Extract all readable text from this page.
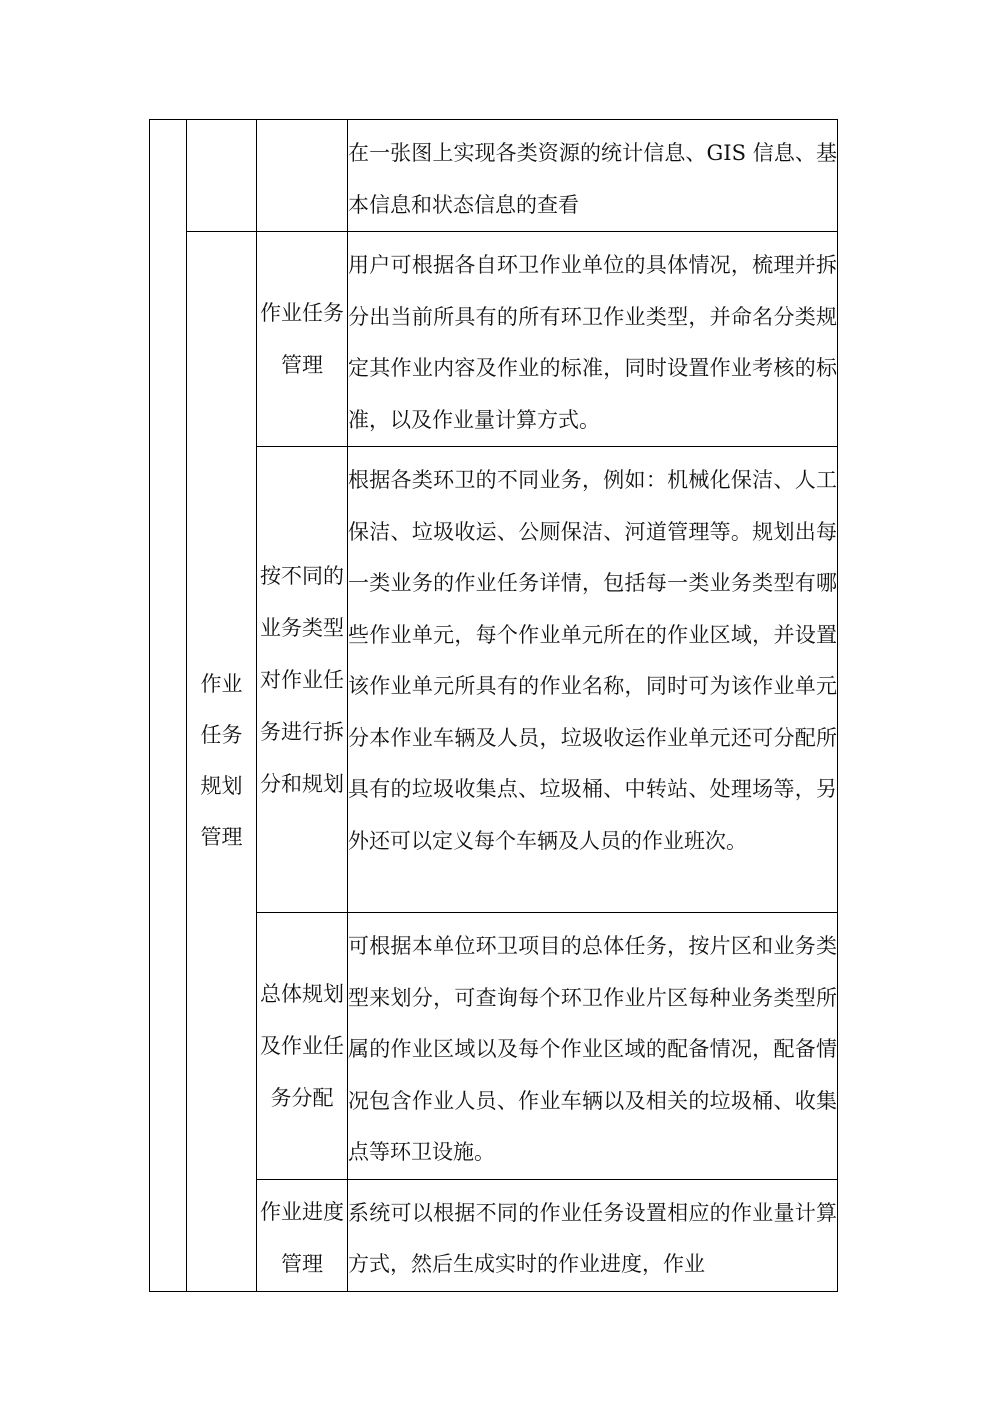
			在一张图上实现各类资源的统计信息、GIS 信息、基本信息和状态信息的查看
	作业任务规划管理	作业任务管理	用户可根据各自环卫作业单位的具体情况，梳理并拆分出当前所具有的所有环卫作业类型，并命名分类规定其作业内容及作业的标准，同时设置作业考核的标准，以及作业量计算方式。
		按不同的业务类型对作业任务进行拆分和规划	根据各类环卫的不同业务，例如：机械化保洁、人工保洁、垃圾收运、公厕保洁、河道管理等。规划出每一类业务的作业任务详情，包括每一类业务类型有哪些作业单元，每个作业单元所在的作业区域，并设置该作业单元所具有的作业名称，同时可为该作业单元分本作业车辆及人员，垃圾收运作业单元还可分配所具有的垃圾收集点、垃圾桶、中转站、处理场等，另外还可以定义每个车辆及人员的作业班次。
		总体规划及作业任务分配	可根据本单位环卫项目的总体任务，按片区和业务类型来划分，可查询每个环卫作业片区每种业务类型所属的作业区域以及每个作业区域的配备情况，配备情况包含作业人员、作业车辆以及相关的垃圾桶、收集点等环卫设施。
		作业进度管理	系统可以根据不同的作业任务设置相应的作业量计算方式，然后生成实时的作业进度，作业
